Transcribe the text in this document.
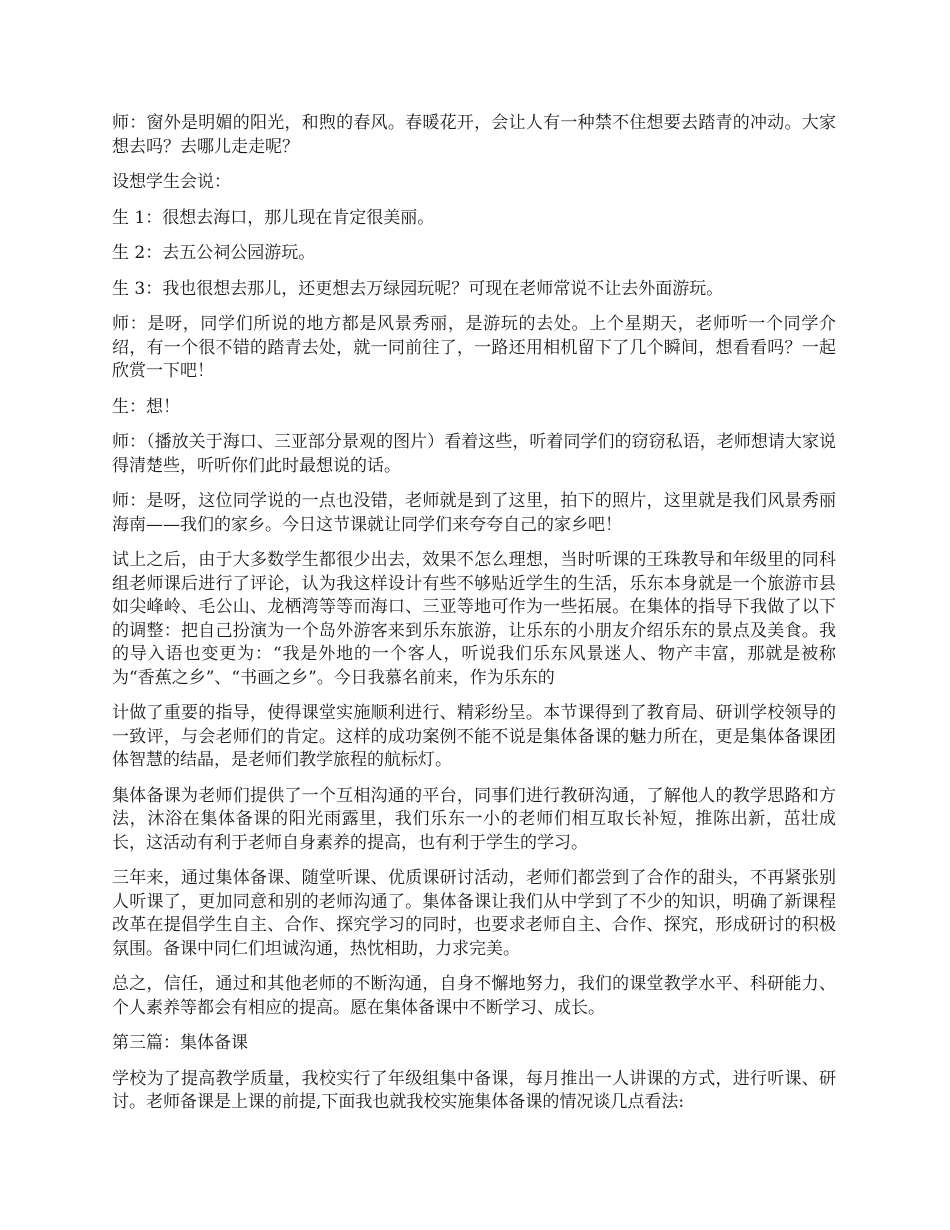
师：窗外是明媚的阳光，和煦的春风。春暖花开，会让人有一种禁不住想要去踏青的冲动。大家想去吗？去哪儿走走呢？

设想学生会说：

生 1：很想去海口，那儿现在肯定很美丽。

生 2：去五公祠公园游玩。

生 3：我也很想去那儿，还更想去万绿园玩呢？可现在老师常说不让去外面游玩。

师：是呀，同学们所说的地方都是风景秀丽，是游玩的去处。上个星期天，老师听一个同学介绍，有一个很不错的踏青去处，就一同前往了，一路还用相机留下了几个瞬间，想看看吗？一起欣赏一下吧！

生：想！

师：（播放关于海口、三亚部分景观的图片）看着这些，听着同学们的窃窃私语，老师想请大家说得清楚些，听听你们此时最想说的话。

师：是呀，这位同学说的一点也没错，老师就是到了这里，拍下的照片，这里就是我们风景秀丽海南——我们的家乡。今日这节课就让同学们来夸夸自己的家乡吧！

试上之后，由于大多数学生都很少出去，效果不怎么理想，当时听课的王珠教导和年级里的同科组老师课后进行了评论，认为我这样设计有些不够贴近学生的生活，乐东本身就是一个旅游市县如尖峰岭、毛公山、龙栖湾等等而海口、三亚等地可作为一些拓展。在集体的指导下我做了以下的调整：把自己扮演为一个岛外游客来到乐东旅游，让乐东的小朋友介绍乐东的景点及美食。我的导入语也变更为：“我是外地的一个客人，听说我们乐东风景迷人、物产丰富，那就是被称为“香蕉之乡”、“书画之乡”。今日我慕名前来，作为乐东的

计做了重要的指导，使得课堂实施顺利进行、精彩纷呈。本节课得到了教育局、研训学校领导的一致评，与会老师们的肯定。这样的成功案例不能不说是集体备课的魅力所在，更是集体备课团体智慧的结晶，是老师们教学旅程的航标灯。

集体备课为老师们提供了一个互相沟通的平台，同事们进行教研沟通，了解他人的教学思路和方法，沐浴在集体备课的阳光雨露里，我们乐东一小的老师们相互取长补短，推陈出新，茁壮成长，这活动有利于老师自身素养的提高，也有利于学生的学习。

三年来，通过集体备课、随堂听课、优质课研讨活动，老师们都尝到了合作的甜头，不再紧张别人听课了，更加同意和别的老师沟通了。集体备课让我们从中学到了不少的知识，明确了新课程改革在提倡学生自主、合作、探究学习的同时，也要求老师自主、合作、探究，形成研讨的积极氛围。备课中同仁们坦诚沟通，热忱相助，力求完美。

总之，信任，通过和其他老师的不断沟通，自身不懈地努力，我们的课堂教学水平、科研能力、个人素养等都会有相应的提高。愿在集体备课中不断学习、成长。

第三篇：集体备课

学校为了提高教学质量，我校实行了年级组集中备课，每月推出一人讲课的方式，进行听课、研讨。老师备课是上课的前提,下面我也就我校实施集体备课的情况谈几点看法:
